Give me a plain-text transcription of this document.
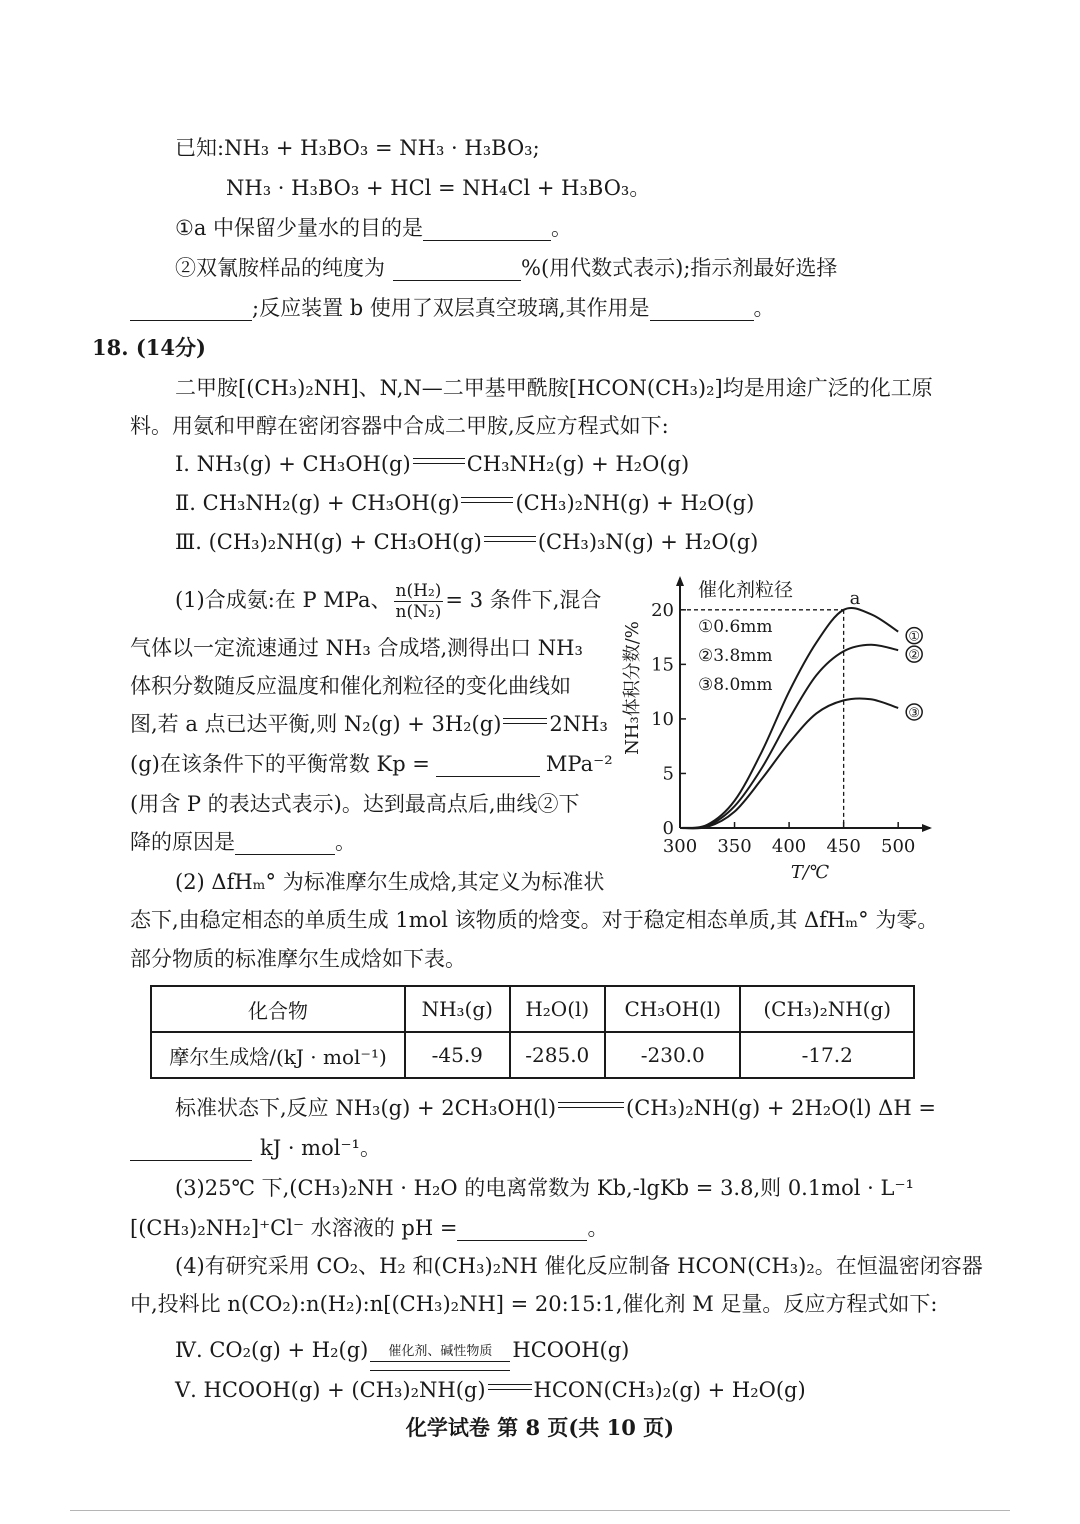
已知:NH₃ + H₃BO₃ = NH₃ · H₃BO₃;
NH₃ · H₃BO₃ + HCl = NH₄Cl + H₃BO₃。
①a 中保留少量水的目的是	。
②双氰胺样品的纯度为	%(用代数式表示);指示剂最好选择
;反应装置 b 使用了双层真空玻璃,其作用是	。
18. (14分)
二甲胺[(CH₃)₂NH]、N,N—二甲基甲酰胺[HCON(CH₃)₂]均是用途广泛的化工原
料。用氨和甲醇在密闭容器中合成二甲胺,反应方程式如下:
Ⅰ. NH₃(g) + CH₃OH(g)	CH₃NH₂(g) + H₂O(g)
Ⅱ. CH₃NH₂(g) + CH₃OH(g)	(CH₃)₂NH(g) + H₂O(g)
Ⅲ. (CH₃)₂NH(g) + CH₃OH(g)	(CH₃)₃N(g) + H₂O(g)
(1)合成氨:在 P MPa、 $\frac{\text{n(H₂)}}{\text{n(N₂)}} = 3$ 条件下,混合
气体以一定流速通过 NH₃ 合成塔,测得出口 NH₃
体积分数随反应温度和催化剂粒径的变化曲线如
图,若 a 点已达平衡,则 N₂(g) + 3H₂(g) 2NH₃
(g)在该条件下的平衡常数 Kp =	MPa⁻²
(用含 P 的表达式表示)。达到最高点后,曲线②下
降的原因是	。	300 350 400 450 500
0
5
10
15
20
T/℃
NH₃体积分数/%
催化剂粒径
①0.6mm
②3.8mm
③8.0mm
①
②
③
a
(2) ΔfHₘ° 为标准摩尔生成焓,其定义为标准状
态下,由稳定相态的单质生成 1mol 该物质的焓变。对于稳定相态单质,其 ΔfHₘ° 为零。
部分物质的标准摩尔生成焓如下表。
化合物	NH₃(g)	H₂O(l)	CH₃OH(l)	(CH₃)₂NH(g)
摩尔生成焓/(kJ · mol⁻¹)	-45.9	-285.0	-230.0	-17.2
标准状态下,反应 NH₃(g) + 2CH₃OH(l)	(CH₃)₂NH(g) + 2H₂O(l) ΔH =
kJ · mol⁻¹。
(3)25℃ 下,(CH₃)₂NH · H₂O 的电离常数为 Kb,-lgKb = 3.8,则 0.1mol · L⁻¹
[(CH₃)₂NH₂]⁺Cl⁻ 水溶液的 pH =	。
(4)有研究采用 CO₂、H₂ 和(CH₃)₂NH 催化反应制备 HCON(CH₃)₂。在恒温密闭容器
中,投料比 n(CO₂):n(H₂):n[(CH₃)₂NH] = 20:15:1,催化剂 M 足量。反应方程式如下:
Ⅳ. CO₂(g) + H₂(g)	催化剂、碱性物质 HCOOH(g)
Ⅴ. HCOOH(g) + (CH₃)₂NH(g) HCON(CH₃)₂(g) + H₂O(g)
化学试卷 第 8 页(共 10 页)
